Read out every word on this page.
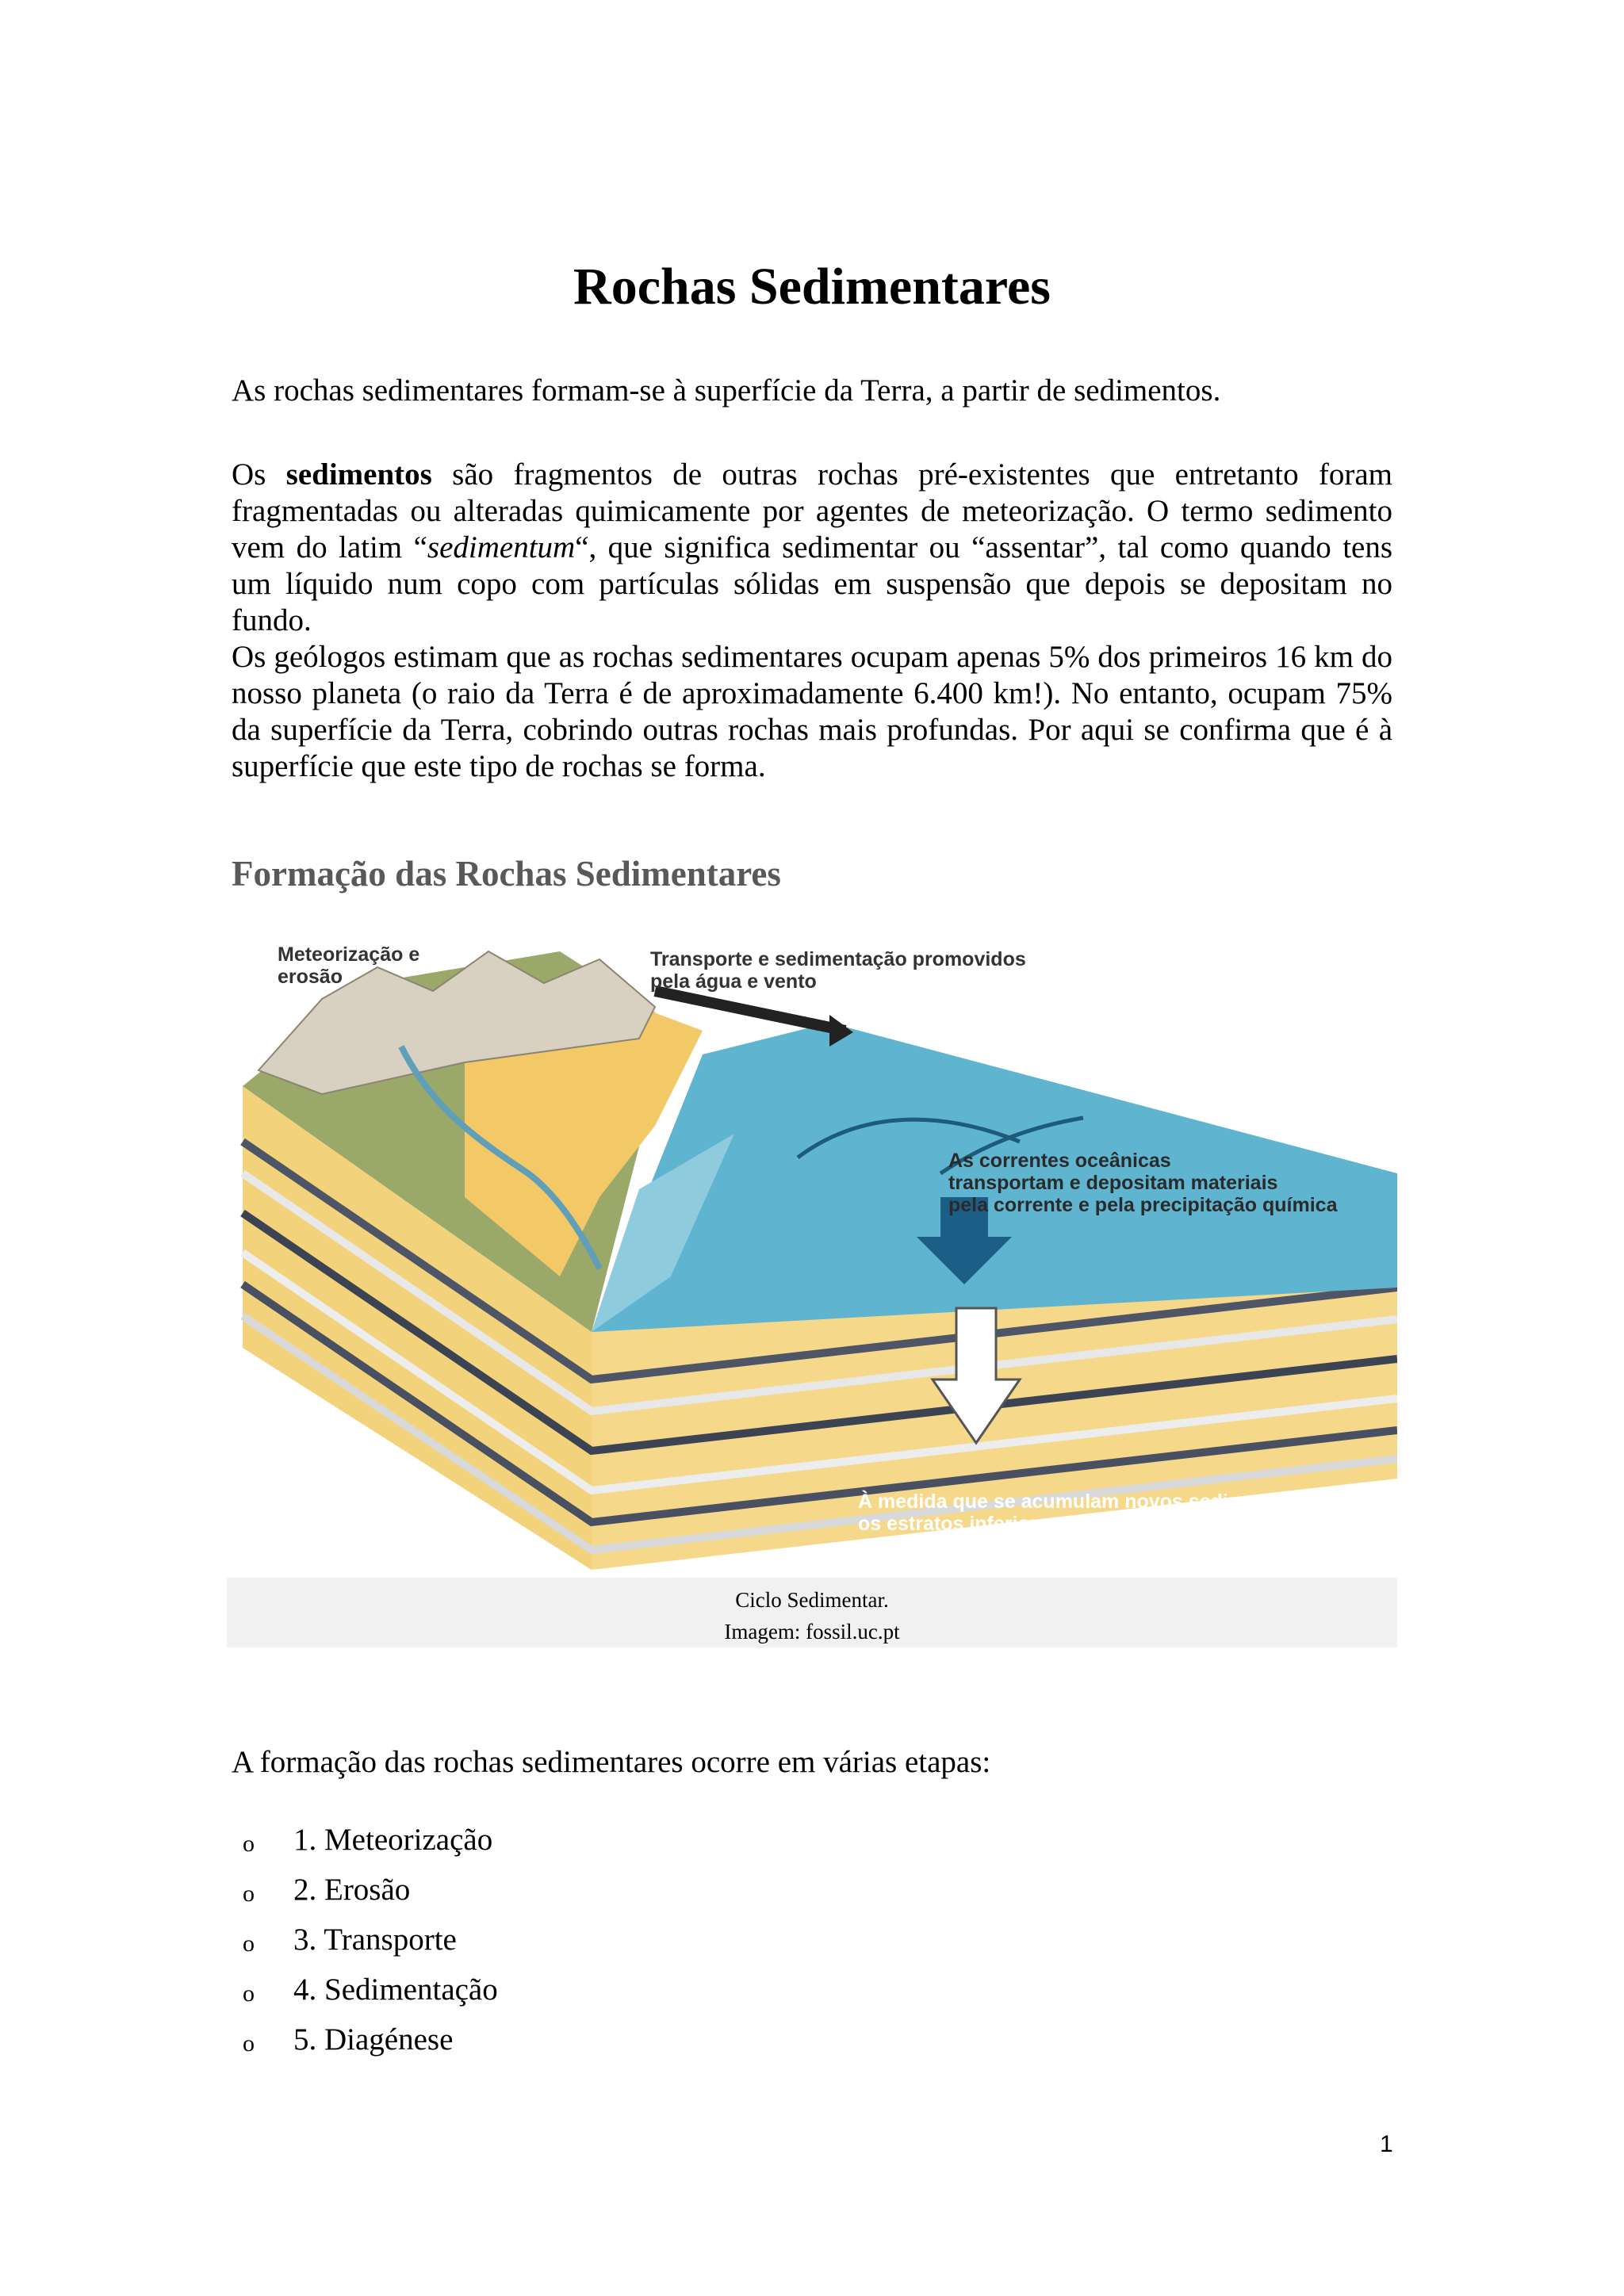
Rochas Sedimentares

As rochas sedimentares formam-se à superfície da Terra, a partir de sedimentos.

Os sedimentos são fragmentos de outras rochas pré-existentes que entretanto foram fragmentadas ou alteradas quimicamente por agentes de meteorização. O termo sedimento vem do latim “sedimentum“, que significa sedimentar ou “assentar”, tal como quando tens um líquido num copo com partículas sólidas em suspensão que depois se depositam no fundo.

Os geólogos estimam que as rochas sedimentares ocupam apenas 5% dos primeiros 16 km do nosso planeta (o raio da Terra é de aproximadamente 6.400 km!). No entanto, ocupam 75% da superfície da Terra, cobrindo outras rochas mais profundas. Por aqui se confirma que é à superfície que este tipo de rochas se forma.

Formação das Rochas Sedimentares
Meteorização e
erosão
Transporte e sedimentação promovidos
pela água e vento
As correntes oceânicas
transportam e depositam materiais
pela corrente e pela precipitação química
À medida que se acumulam novos sedimentos,
os estratos inferiores transformam-se em rochas
sedimentares.
Ciclo Sedimentar.
Imagem: fossil.uc.pt

A formação das rochas sedimentares ocorre em várias etapas:

o	1. Meteorização
o	2. Erosão
o	3. Transporte
o	4. Sedimentação
o	5. Diagénese
1
